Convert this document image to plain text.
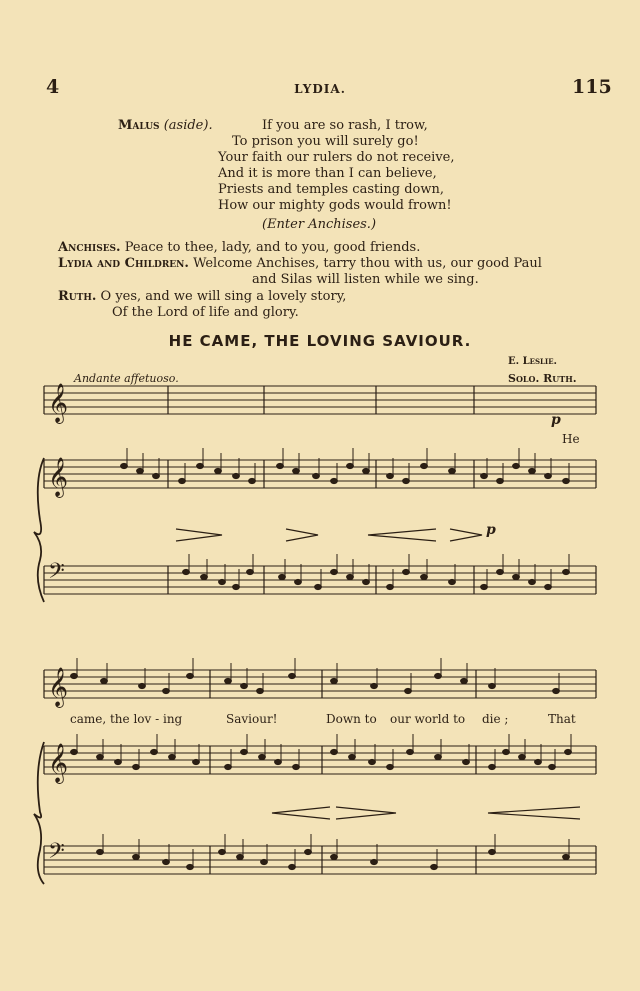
4	LYDIA.	115
Malus (aside).	If you are so rash, I trow,
To prison you will surely go!
Your faith our rulers do not receive,
And it is more than I can believe,
Priests and temples casting down,
How our mighty gods would frown!
(Enter Anchises.)
Anchises. Peace to thee, lady, and to you, good friends.
Lydia and Children. Welcome Anchises, tarry thou with us, our good Paul
and Silas will listen while we sing.
Ruth. O yes, and we will sing a lovely story,
Of the Lord of life and glory.
HE CAME, THE LOVING SAVIOUR.
E. Leslie.
Andante affetuoso.	Solo. Ruth.
He
p
p
came, the lov - ing	Saviour!	Down to our world to die ;	That
𝄞
𝄞
𝄢
𝄞
𝄞
𝄢
